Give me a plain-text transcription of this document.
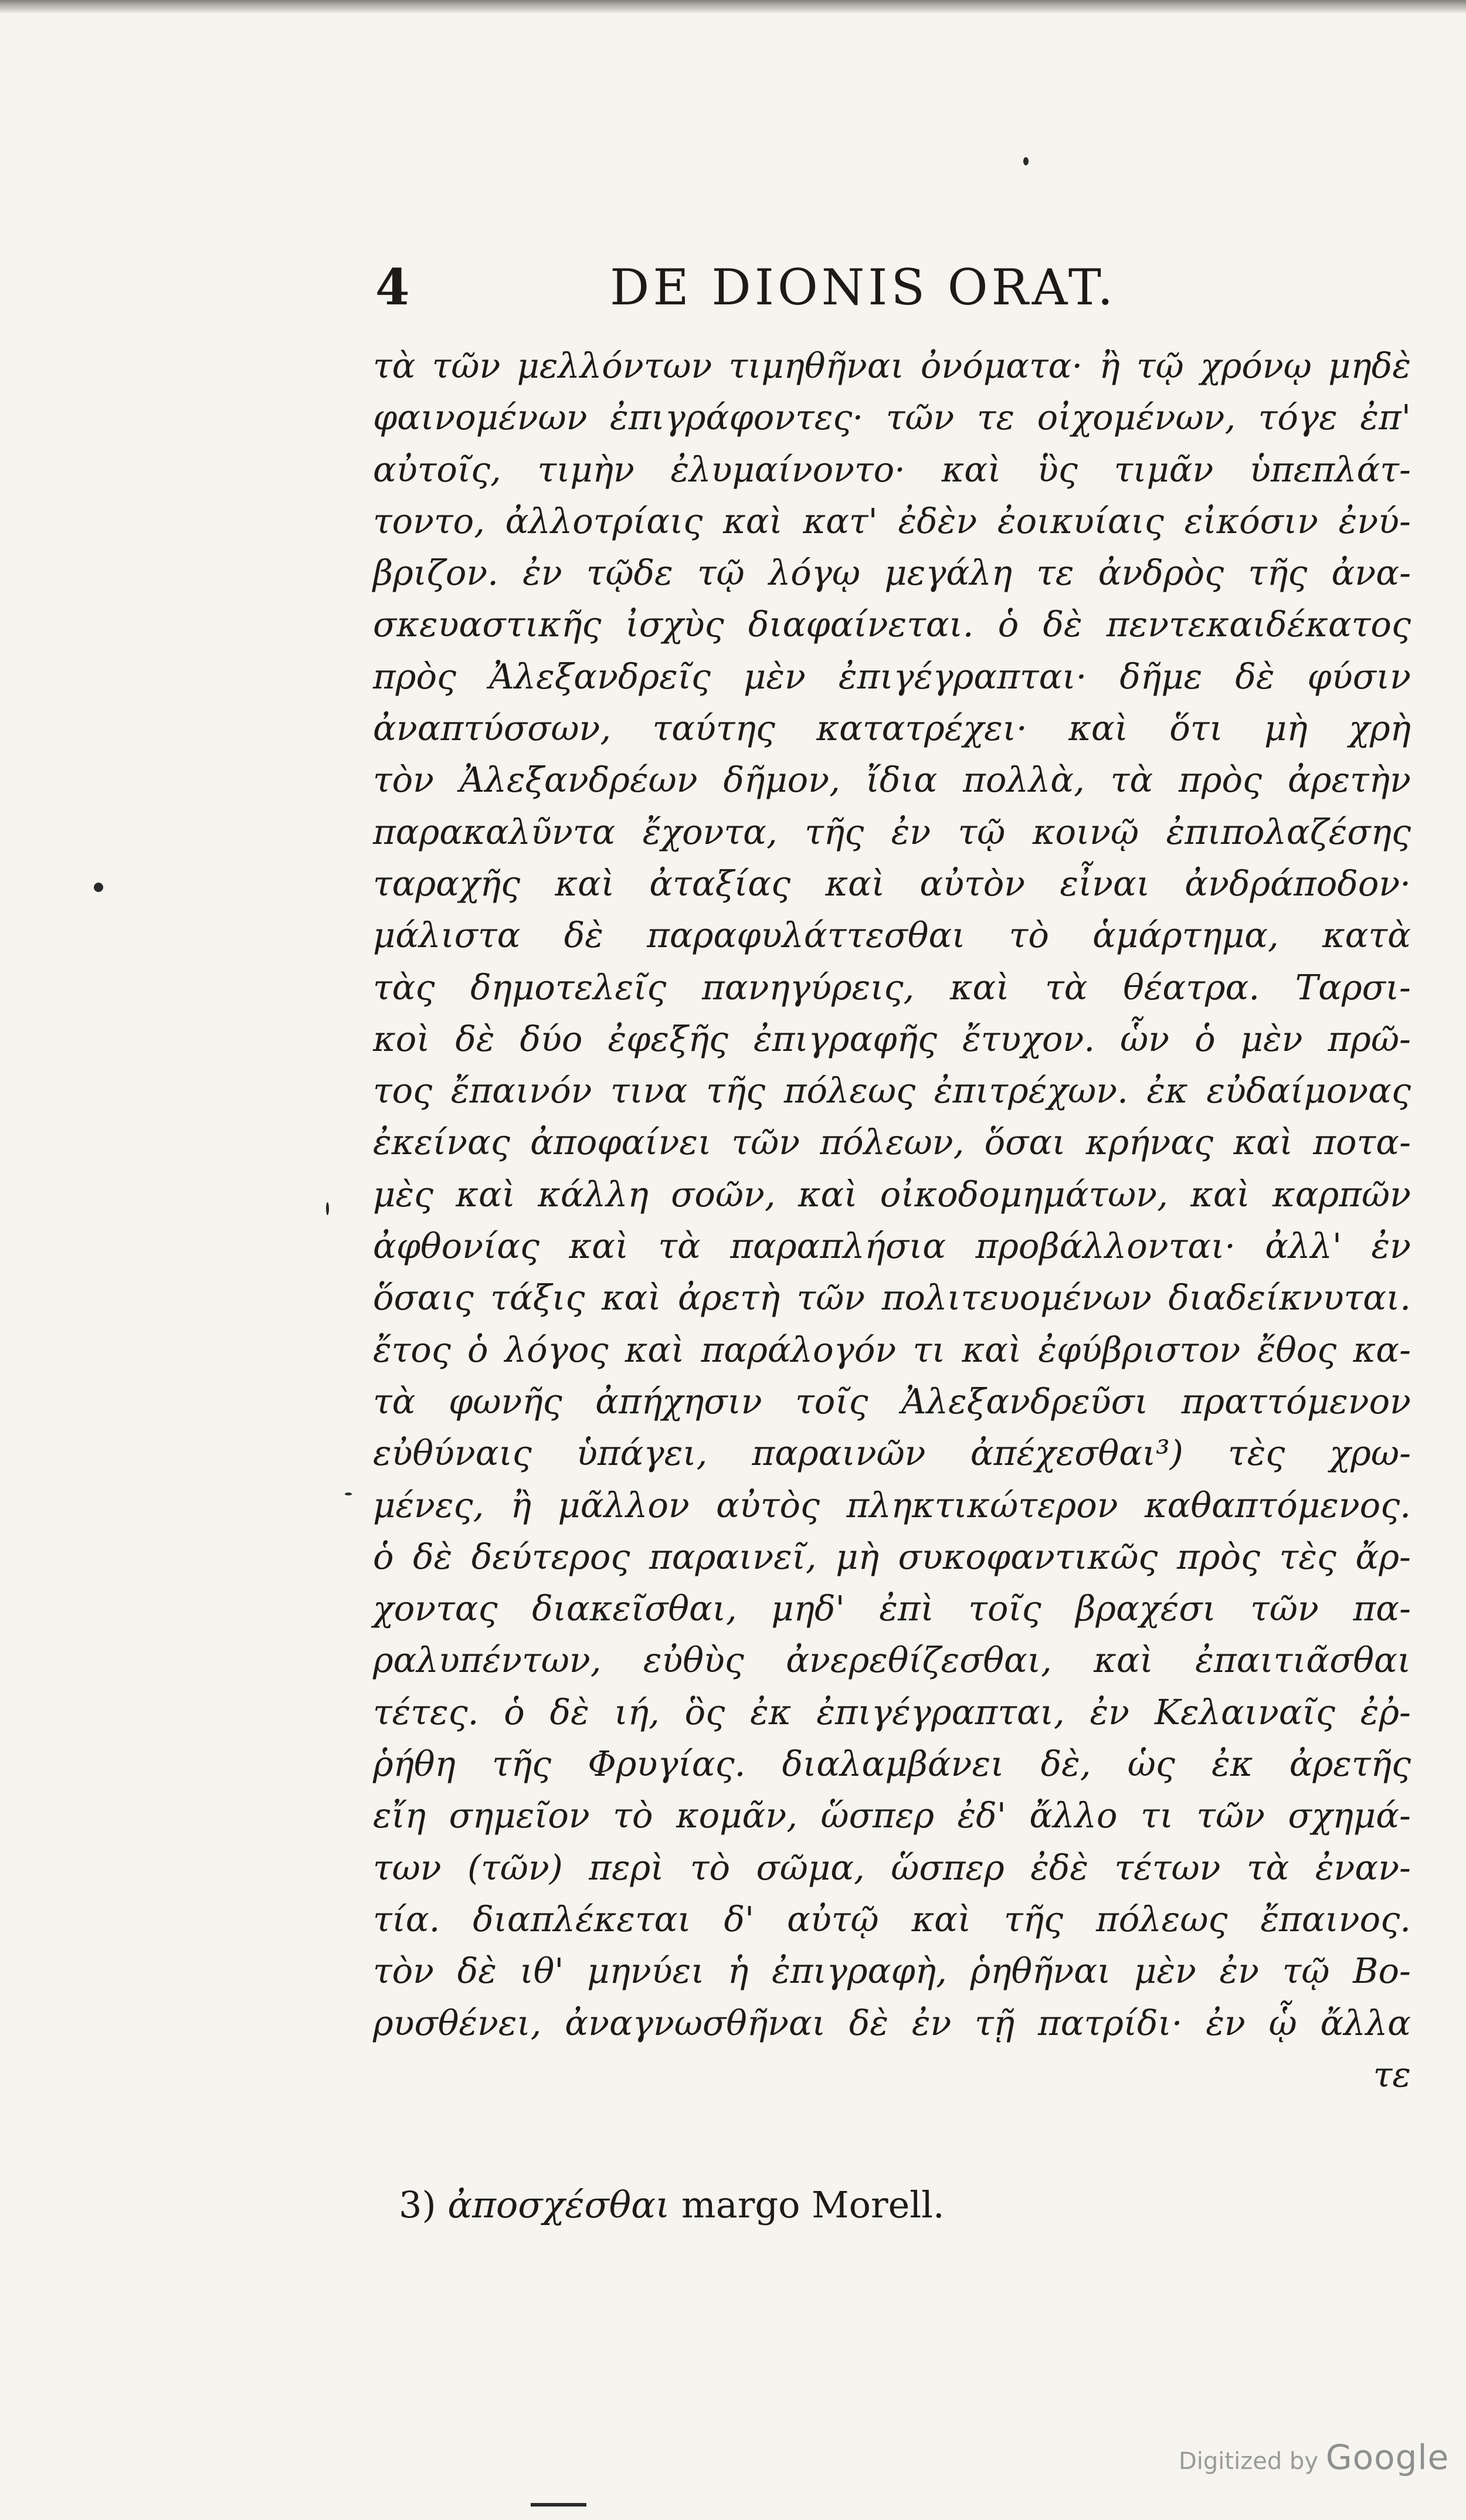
4	DE DIONIS ORAT.
τὰ τῶν μελλόντων τιμηθῆναι ὀνόματα· ἢ τῷ χρόνῳ μηδὲ
φαινομένων ἐπιγράφοντες· τῶν τε οἰχομένων, τόγε ἐπ'
αὐτοῖς, τιμὴν ἐλυμαίνοντο· καὶ ὓς τιμᾶν ὑπεπλάτ-
τοντο, ἀλλοτρίαις καὶ κατ' ἐδὲν ἐοικυίαις εἰκόσιν ἐνύ-
βριζον. ἐν τῷδε τῷ λόγῳ μεγάλη τε ἀνδρὸς τῆς ἀνα-
σκευαστικῆς ἰσχὺς διαφαίνεται. ὁ δὲ πεντεκαιδέκατος
πρὸς Ἀλεξανδρεῖς μὲν ἐπιγέγραπται· δῆμε δὲ φύσιν
ἀναπτύσσων, ταύτης κατατρέχει· καὶ ὅτι μὴ χρὴ
τὸν Ἀλεξανδρέων δῆμον, ἴδια πολλὰ, τὰ πρὸς ἀρετὴν
παρακαλῦντα ἔχοντα, τῆς ἐν τῷ κοινῷ ἐπιπολαζέσης
ταραχῆς καὶ ἀταξίας καὶ αὐτὸν εἶναι ἀνδράποδον·
μάλιστα δὲ παραφυλάττεσθαι τὸ ἁμάρτημα, κατὰ
τὰς δημοτελεῖς πανηγύρεις, καὶ τὰ θέατρα. Ταρσι-
κοὶ δὲ δύο ἐφεξῆς ἐπιγραφῆς ἔτυχον. ὧν ὁ μὲν πρῶ-
τος ἔπαινόν τινα τῆς πόλεως ἐπιτρέχων. ἐκ εὐδαίμονας
ἐκείνας ἀποφαίνει τῶν πόλεων, ὅσαι κρήνας καὶ ποτα-
μὲς καὶ κάλλη σοῶν, καὶ οἰκοδομημάτων, καὶ καρπῶν
ἀφθονίας καὶ τὰ παραπλήσια προβάλλονται· ἀλλ' ἐν
ὅσαις τάξις καὶ ἀρετὴ τῶν πολιτευομένων διαδείκνυται.
ἔτος ὁ λόγος καὶ παράλογόν τι καὶ ἐφύβριστον ἔθος κα-
τὰ φωνῆς ἀπήχησιν τοῖς Ἀλεξανδρεῦσι πραττόμενον
εὐθύναις ὑπάγει, παραινῶν ἀπέχεσθαι³) τὲς χρω-
μένες, ἢ μᾶλλον αὐτὸς πληκτικώτερον καθαπτόμενος.
ὁ δὲ δεύτερος παραινεῖ, μὴ συκοφαντικῶς πρὸς τὲς ἄρ-
χοντας διακεῖσθαι, μηδ' ἐπὶ τοῖς βραχέσι τῶν πα-
ραλυπέντων, εὐθὺς ἀνερεθίζεσθαι, καὶ ἐπαιτιᾶσθαι
τέτες. ὁ δὲ ιή, ὃς ἐκ ἐπιγέγραπται, ἐν Κελαιναῖς ἐῤ-
ῥήθη τῆς Φρυγίας. διαλαμβάνει δὲ, ὡς ἐκ ἀρετῆς
εἴη σημεῖον τὸ κομᾶν, ὥσπερ ἐδ' ἄλλο τι τῶν σχημά-
των (τῶν) περὶ τὸ σῶμα, ὥσπερ ἐδὲ τέτων τὰ ἐναν-
τία. διαπλέκεται δ' αὐτῷ καὶ τῆς πόλεως ἔπαινος.
τὸν δὲ ιθ' μηνύει ἡ ἐπιγραφὴ, ῥηθῆναι μὲν ἐν τῷ Βο-
ρυσθένει, ἀναγνωσθῆναι δὲ ἐν τῇ πατρίδι· ἐν ᾧ ἄλλα
τε
3) ἀποσχέσθαι margo Morell.
Digitized by Google
